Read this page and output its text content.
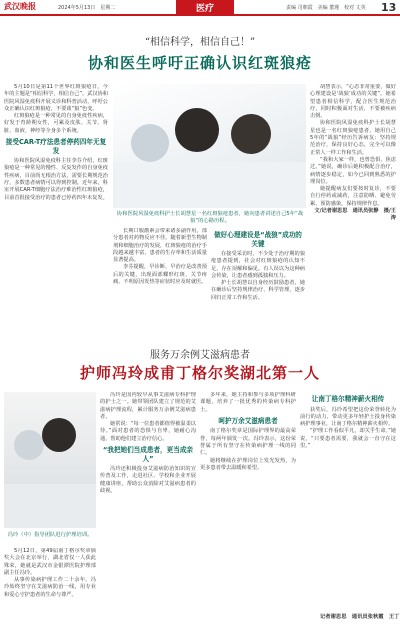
武汉晚报	2024年5月13日　星期二	医疗	责编 司朝霞　美编 董瑾　校对 丈英 13
“相信科学，相信自己！”
协和医生呼吁正确认识红斑狼疮

5月10日是第11个世界红斑狼疮日，今年的主题是“相信科学，相信自己”。武汉协和医院风湿免疫科开展义诊和科普活动，呼吁公众正确认识红斑狼疮，不要谈“狼”色变。

红斑狼疮是一种常见的自身免疫性疾病，好发于育龄期女性，可累及皮肤、关节、肾脏、血液、神经等全身多个系统。

接受CAR-T疗法患者停药四年无复发

协和医院风湿免疫科主任李芬介绍，红斑狼疮是一种常见的慢性、反复发作的自身免疫性疾病，目前尚无根治方法，需要长期规范治疗，多数患者病情可以得到控制。近年来，科室开展CAR-T细胞疗法治疗难治性红斑狼疮，目前首批接受治疗的患者已停药四年未复发。

协和医院风湿免疫科护士长胡慧星一名红斑狼疮患者，她向患者讲述自己5年“战狼”的心路历程。

长期口服激素会带来诸多副作用，部分患者对药物反应不佳。随着新型生物制剂和细胞治疗的发展，红斑狼疮的治疗手段越来越丰富，患者的生存率和生活质量显著提高。

李芬提醒，早诊断、早治疗是改善预后的关键，出现面部蝶形红斑、关节疼痛、不明原因发热等症状时应及时就医。

做好心理建设是“战狼”成功的关键

在接受采访时，不少处于治疗期的狼疮患者提到，社会对红斑狼疮的认知不足，存在误解和偏见。有人误以为这种病会传染，让患者感到孤独和压力。

护士长胡慧以自身经历鼓励患者，她在确诊后坚持规律治疗、科学管理，逐步回归正常工作和生活。

胡慧表示，“心态非常重要，做好心理建设是‘战狼’成功的关键”。她希望患者相信科学，配合医生规范治疗，同时积极面对生活，不要被疾病击倒。

协和医院风湿免疫科护士长胡慧星也是一名红斑狼疮患者，她用自己5年的“战狼”经历告诉病友：坚持规范治疗，保持良好心态，完全可以像正常人一样工作和生活。

“我和大家一样，也曾恐惧、焦虑过。”她说，确诊后她积极配合治疗，病情逐步稳定，如今已回到熟悉的护理岗位。

她提醒病友们要按时复诊，不要自行停药或减药，注意防晒、避免劳累、预防感染，保持规律作息。

文/记者谢思思　通讯员张静　摄/王涛

服务万余例艾滋病患者
护师冯玲成甫丁格尔奖湖北第一人
冯玲（中）指导团队进行护理培训。

5月12日，第49届南丁格尔奖章颁奖大会在北京举行，湖北省仅一人获此殊荣，她就是武汉市金银潭医院护理部副主任冯玲。

从事传染病护理工作二十余年，冯玲始终坚守在艾滋病防治一线，用专业和爱心守护患者的生命与尊严。

冯玲是国内较早从事艾滋病专科护理的护士之一。她带领团队建立了规范的艾滋病护理流程，累计服务万余例艾滋病患者。

她常说：“每一位患者都值得被温柔以待。”面对患者的恐惧与自卑，她耐心沟通，帮助他们建立治疗信心。

“我把她们当成患者，更当成亲人”

冯玲还积极投身艾滋病防治知识的宣传普及工作，走进社区、学校和企业开展健康讲座，帮助公众消除对艾滋病患者的歧视。

多年来，她主持和参与多项护理科研课题，培养了一批优秀的传染病专科护士。

呵护万余艾滋病患者

南丁格尔奖章是国际护理界的最高荣誉，每两年颁发一次。冯玲表示，这份荣誉属于所有坚守在传染病护理一线的同仁。

她将继续在护理岗位上发光发热，为更多患者带去温暖和希望。

让南丁格尔精神薪火相传

获奖后，冯玲希望把这份荣誉转化为前行的动力，带动更多年轻护士投身传染病护理事业，让南丁格尔精神薪火相传。

“护理工作看似平凡，却关乎生命。”她说，“只要患者需要，我就会一直守在这里。”

记者谢思思　通讯员张秋霞　王丁
